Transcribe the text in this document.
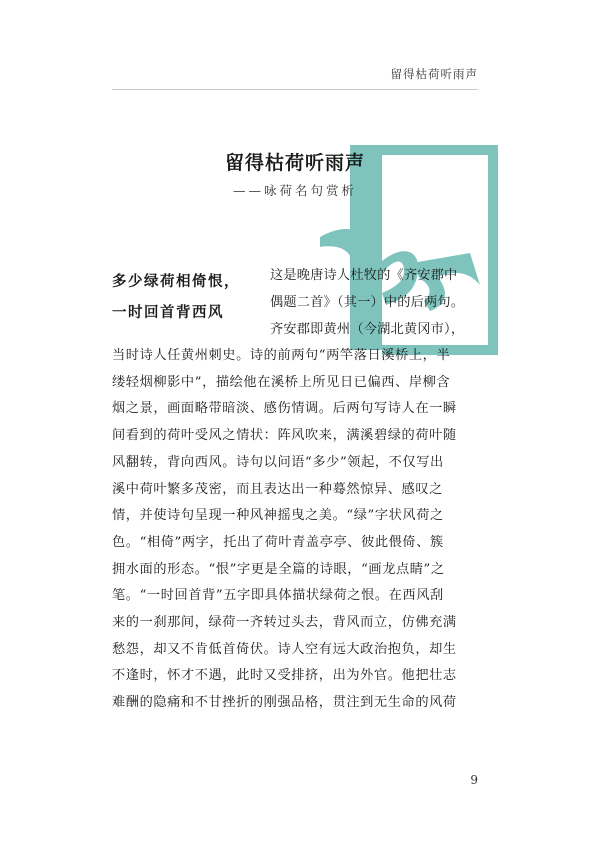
留得枯荷听雨声
留得枯荷听雨声
——咏荷名句赏析
多少绿荷相倚恨，
一时回首背西风
这是晚唐诗人杜牧的《齐安郡中
偶题二首》（其一）中的后两句。
齐安郡即黄州（今湖北黄冈市），
当时诗人任黄州刺史。诗的前两句“两竿落日溪桥上，半
缕轻烟柳影中”，描绘他在溪桥上所见日已偏西、岸柳含
烟之景，画面略带暗淡、感伤情调。后两句写诗人在一瞬
间看到的荷叶受风之情状：阵风吹来，满溪碧绿的荷叶随
风翻转，背向西风。诗句以问语“多少”领起，不仅写出
溪中荷叶繁多茂密，而且表达出一种蓦然惊异、感叹之
情，并使诗句呈现一种风神摇曳之美。“绿”字状风荷之
色。“相倚”两字，托出了荷叶青盖亭亭、彼此偎倚、簇
拥水面的形态。“恨”字更是全篇的诗眼，“画龙点睛”之
笔。“一时回首背”五字即具体描状绿荷之恨。在西风刮
来的一刹那间，绿荷一齐转过头去，背风而立，仿佛充满
愁怨，却又不肯低首倚伏。诗人空有远大政治抱负，却生
不逢时，怀才不遇，此时又受排挤，出为外官。他把壮志
难酬的隐痛和不甘挫折的刚强品格，贯注到无生命的风荷
9
